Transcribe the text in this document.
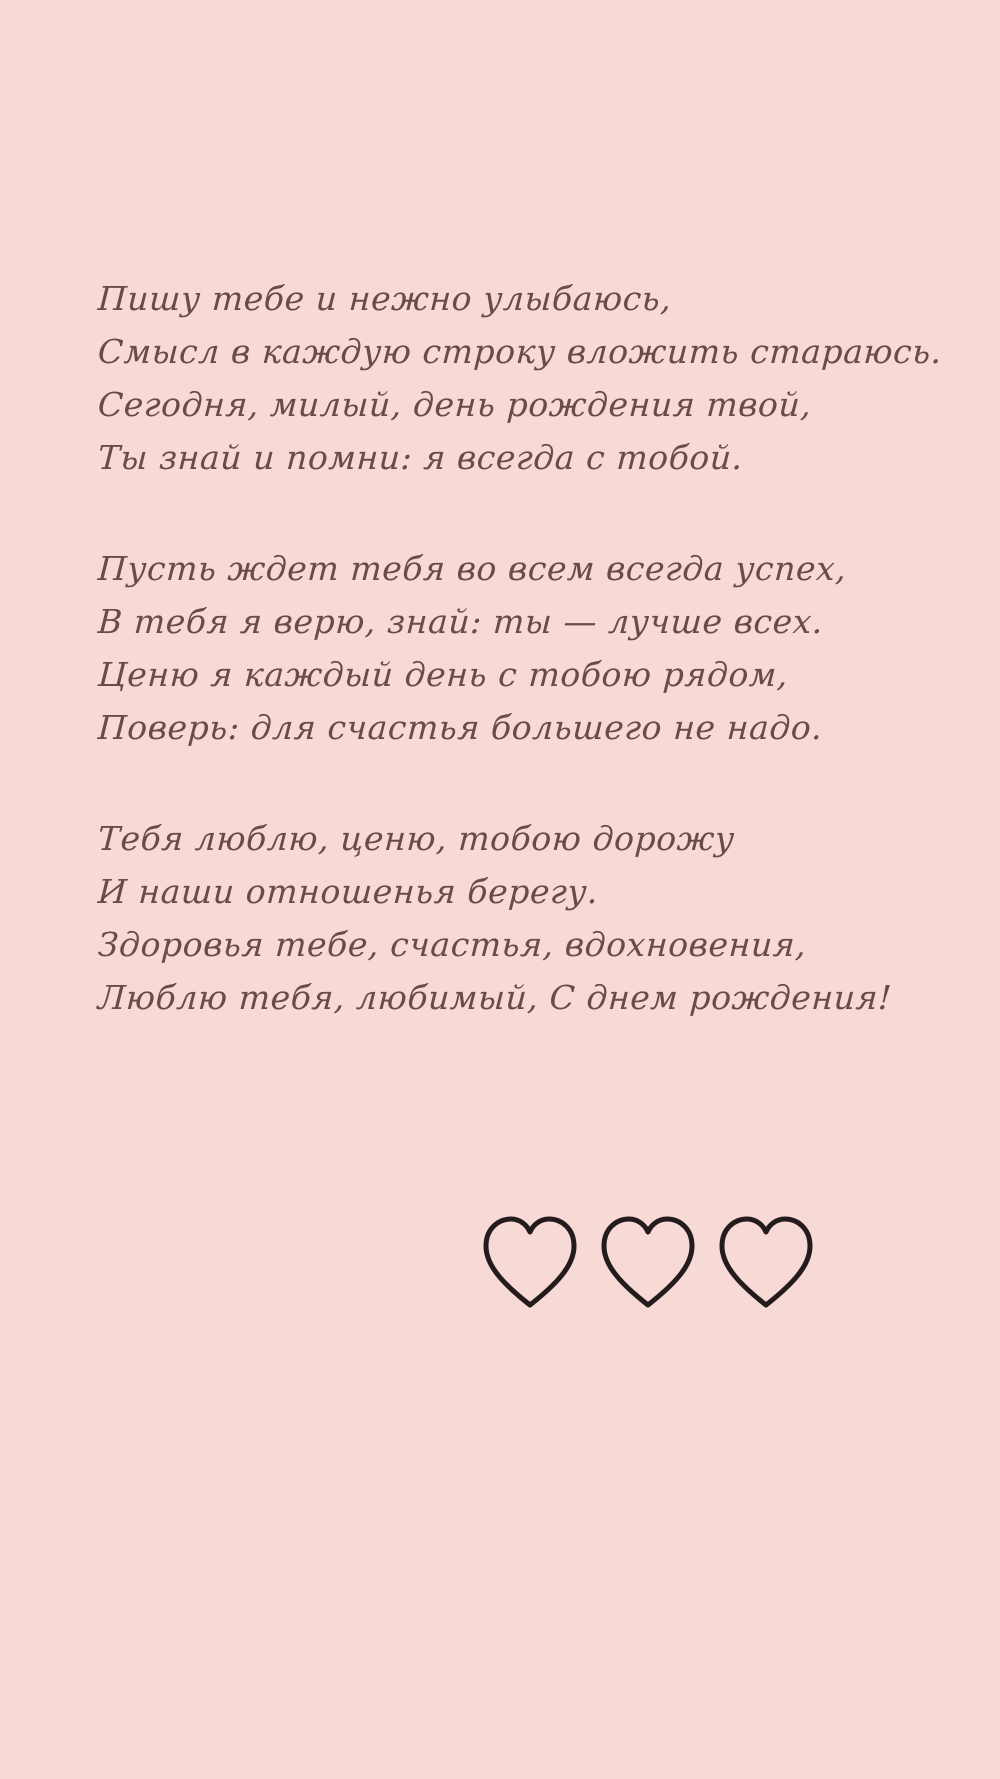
Пишу тебе и нежно улыбаюсь,
Смысл в каждую строку вложить стараюсь.
Сегодня, милый, день рождения твой,
Ты знай и помни: я всегда с тобой.
Пусть ждет тебя во всем всегда успех,
В тебя я верю, знай: ты — лучше всех.
Ценю я каждый день с тобою рядом,
Поверь: для счастья большего не надо.
Тебя люблю, ценю, тобою дорожу
И наши отношенья берегу.
Здоровья тебе, счастья, вдохновения,
Люблю тебя, любимый, С днем рождения!
